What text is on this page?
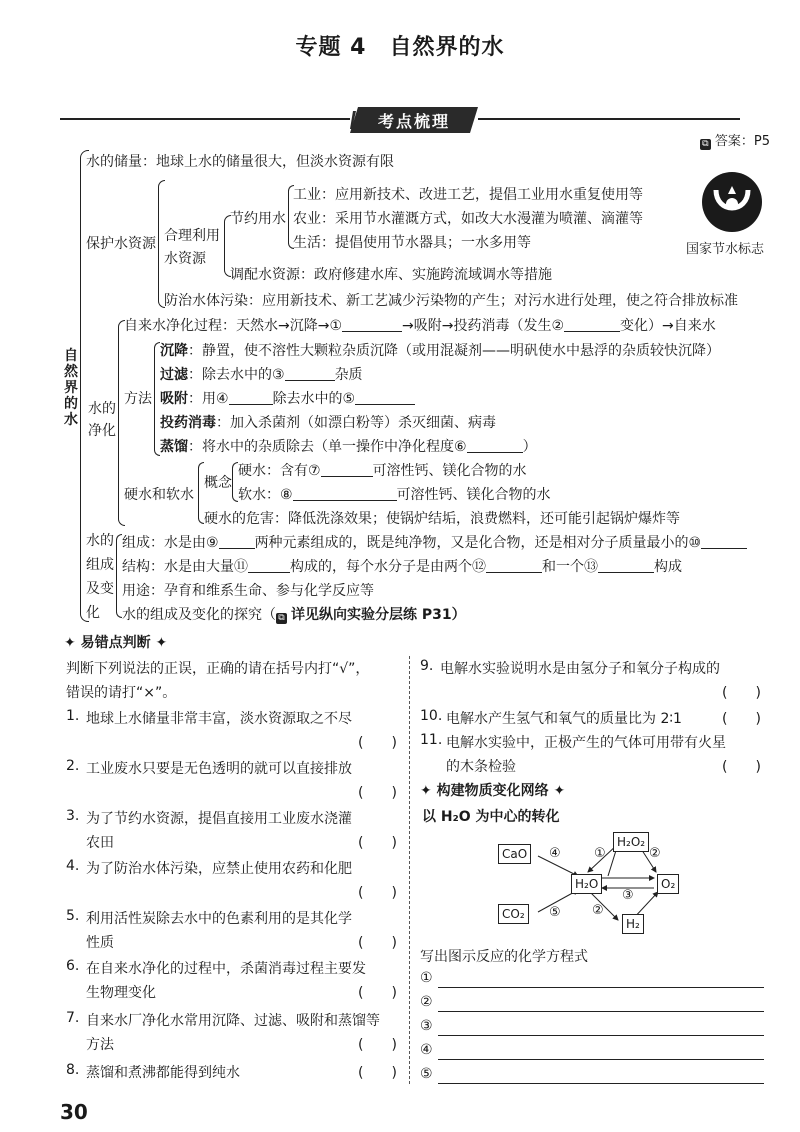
专题 4　自然界的水
考点梳理
⧉ 答案：P5
国家节水标志
自然界的水
水的储量：地球上水的储量很大，但淡水资源有限
保护水资源 合理利用
水资源
节约用水
工业：应用新技术、改进工艺，提倡工业用水重复使用等
农业：采用节水灌溉方式，如改大水漫灌为喷灌、滴灌等
生活：提倡使用节水器具；一水多用等
调配水资源：政府修建水库、实施跨流域调水等措施
防治水体污染：应用新技术、新工艺减少污染物的产生；对污水进行处理，使之符合排放标准
水的
净化
自来水净化过程：天然水→沉降→①	→吸附→投药消毒（发生②	变化）→自来水
方法
沉降：静置，使不溶性大颗粒杂质沉降（或用混凝剂——明矾使水中悬浮的杂质较快沉降）
过滤：除去水中的③	杂质
吸附：用④	除去水中的⑤
投药消毒：加入杀菌剂（如漂白粉等）杀灭细菌、病毒
蒸馏：将水中的杂质除去（单一操作中净化程度⑥	）
硬水和软水
概念
硬水：含有⑦	可溶性钙、镁化合物的水
软水：⑧	可溶性钙、镁化合物的水
硬水的危害：降低洗涤效果；使锅炉结垢，浪费燃料，还可能引起锅炉爆炸等
水的
组成
及变
化
组成：水是由⑨	两种元素组成的，既是纯净物，又是化合物，还是相对分子质量最小的⑩
结构：水是由大量⑪	构成的，每个水分子是由两个⑫	和一个⑬	构成
用途：孕育和维系生命、参与化学反应等
水的组成及变化的探究（ ⧉ 详见纵向实验分层练 P31）
✦ 易错点判断 ✦
判断下列说法的正误，正确的请在括号内打“√”，
错误的请打“×”。
1. 地球上水储量非常丰富，淡水资源取之不尽
(　　)
2. 工业废水只要是无色透明的就可以直接排放
(　　)
3. 为了节约水资源，提倡直接用工业废水浇灌
农田	(　　)
4. 为了防治水体污染，应禁止使用农药和化肥
(　　)
5. 利用活性炭除去水中的色素利用的是其化学
性质	(　　)
6. 在自来水净化的过程中，杀菌消毒过程主要发
生物理变化	(　　)
7. 自来水厂净化水常用沉降、过滤、吸附和蒸馏等
方法	(　　)
8. 蒸馏和煮沸都能得到纯水	(　　)
9. 电解水实验说明水是由氢分子和氧分子构成的
(　　)
10. 电解水产生氢气和氧气的质量比为 2∶1	(　　)
11. 电解水实验中，正极产生的气体可用带有火星
的木条检验	(　　)
✦ 构建物质变化网络 ✦
以 H₂O 为中心的转化
CaO
H₂O₂
H₂O	O₂
CO₂
H₂
④	①	②
③
⑤ ②
写出图示反应的化学方程式
①
②
③
④
⑤
30
